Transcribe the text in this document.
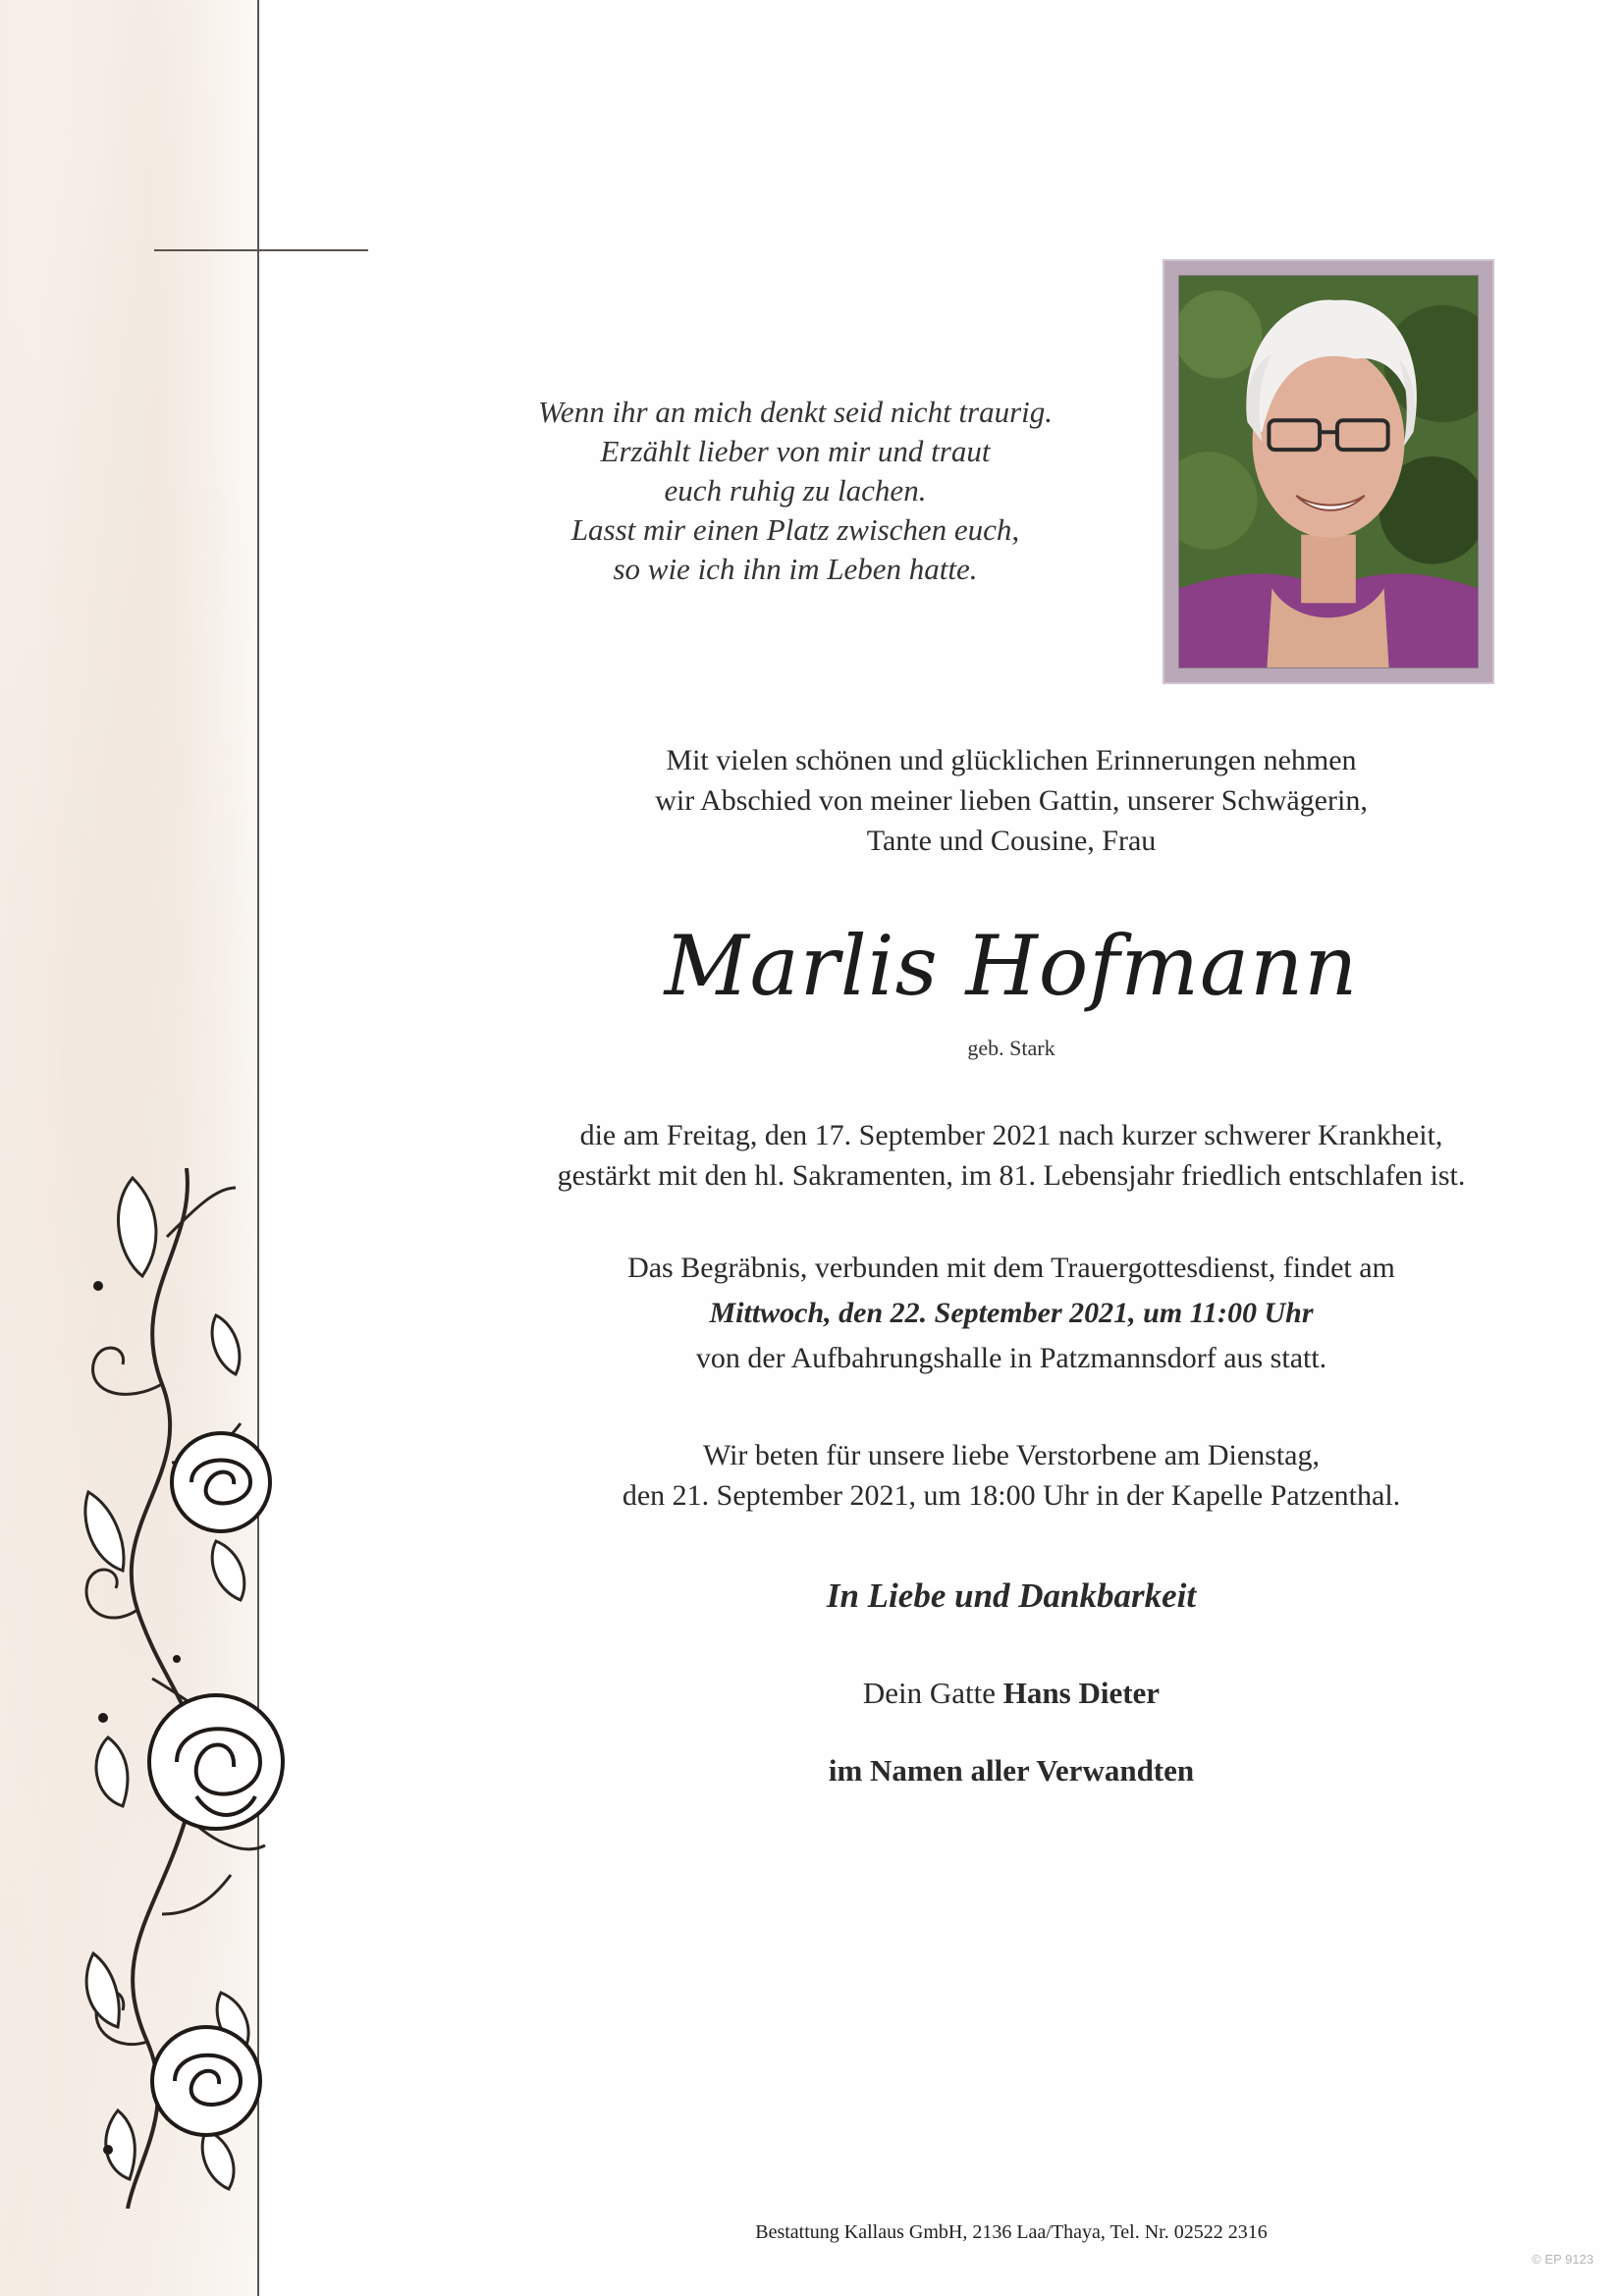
Wenn ihr an mich denkt seid nicht traurig.
Erzählt lieber von mir und traut
euch ruhig zu lachen.
Lasst mir einen Platz zwischen euch,
so wie ich ihn im Leben hatte.
Mit vielen schönen und glücklichen Erinnerungen nehmen
wir Abschied von meiner lieben Gattin, unserer Schwägerin,
Tante und Cousine, Frau
Marlis Hofmann
geb. Stark
die am Freitag, den 17. September 2021 nach kurzer schwerer Krankheit,
gestärkt mit den hl. Sakramenten, im 81. Lebensjahr friedlich entschlafen ist.
Das Begräbnis, verbunden mit dem Trauergottesdienst, findet am
Mittwoch, den 22. September 2021, um 11:00 Uhr
von der Aufbahrungshalle in Patzmannsdorf aus statt.
Wir beten für unsere liebe Verstorbene am Dienstag,
den 21. September 2021, um 18:00 Uhr in der Kapelle Patzenthal.
In Liebe und Dankbarkeit
Dein Gatte Hans Dieter
im Namen aller Verwandten
Bestattung Kallaus GmbH, 2136 Laa/Thaya, Tel. Nr. 02522 2316
© EP 9123
